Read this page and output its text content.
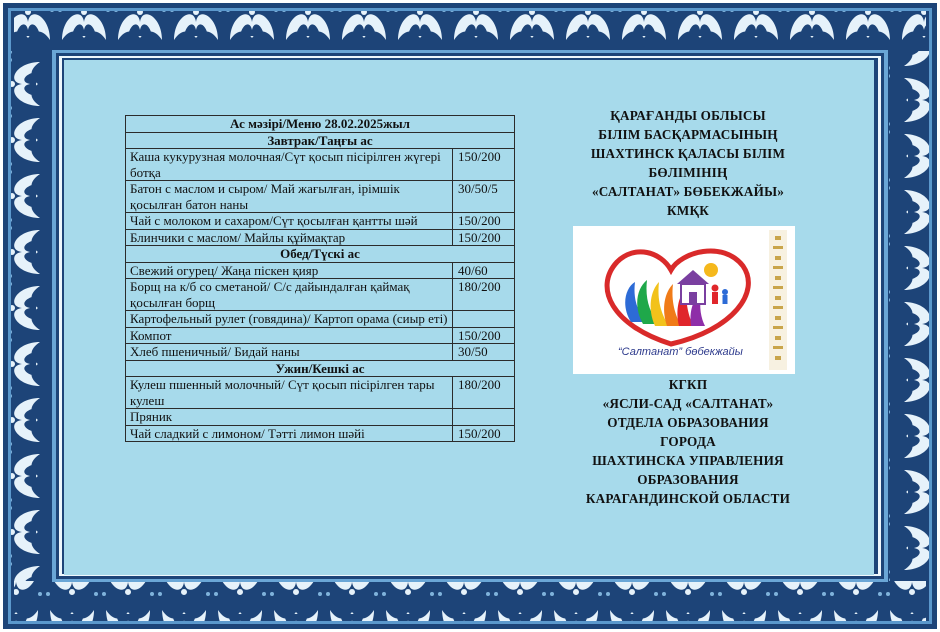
Ас мәзірі/Меню 28.02.2025жыл	
Завтрак/Таңғы ас	
Каша кукурузная молочная/Сүт қосып пісірілген жүгері ботқа	150/200
Батон с маслом и сыром/ Май жағылған, ірімшік қосылған батон наны	30/50/5
Чай с молоком и сахаром/Сүт қосылған қантты шәй	150/200
Блинчики с маслом/ Майлы құймақтар	150/200
Обед/Түскі ас	
Свежий огурец/ Жаңа піскен қияр	40/60
Борщ на к/б со сметаной/ С/с дайындалған қаймақ қосылған борщ	180/200
Картофельный рулет (говядина)/ Картоп орама (сиыр еті)	
Компот	150/200
Хлеб пшеничный/ Бидай наны	30/50
Ужин/Кешкі ас	
Кулеш пшенный молочный/ Сүт қосып пісірілген тары кулеш	180/200
Пряник	
Чай сладкий с лимоном/ Тәтті лимон шәйі	150/200
ҚАРАҒАНДЫ ОБЛЫСЫ
БІЛІМ БАСҚАРМАСЫНЫҢ
ШАХТИНСК ҚАЛАСЫ БІЛІМ
БӨЛІМІНІҢ
«САЛТАНАТ» БӨБЕКЖАЙЫ»
КМҚК
“Салтанат” бөбекжайы
КГКП
«ЯСЛИ-САД «САЛТАНАТ»
ОТДЕЛА ОБРАЗОВАНИЯ
ГОРОДА
ШАХТИНСКА УПРАВЛЕНИЯ
ОБРАЗОВАНИЯ
КАРАГАНДИНСКОЙ ОБЛАСТИ
